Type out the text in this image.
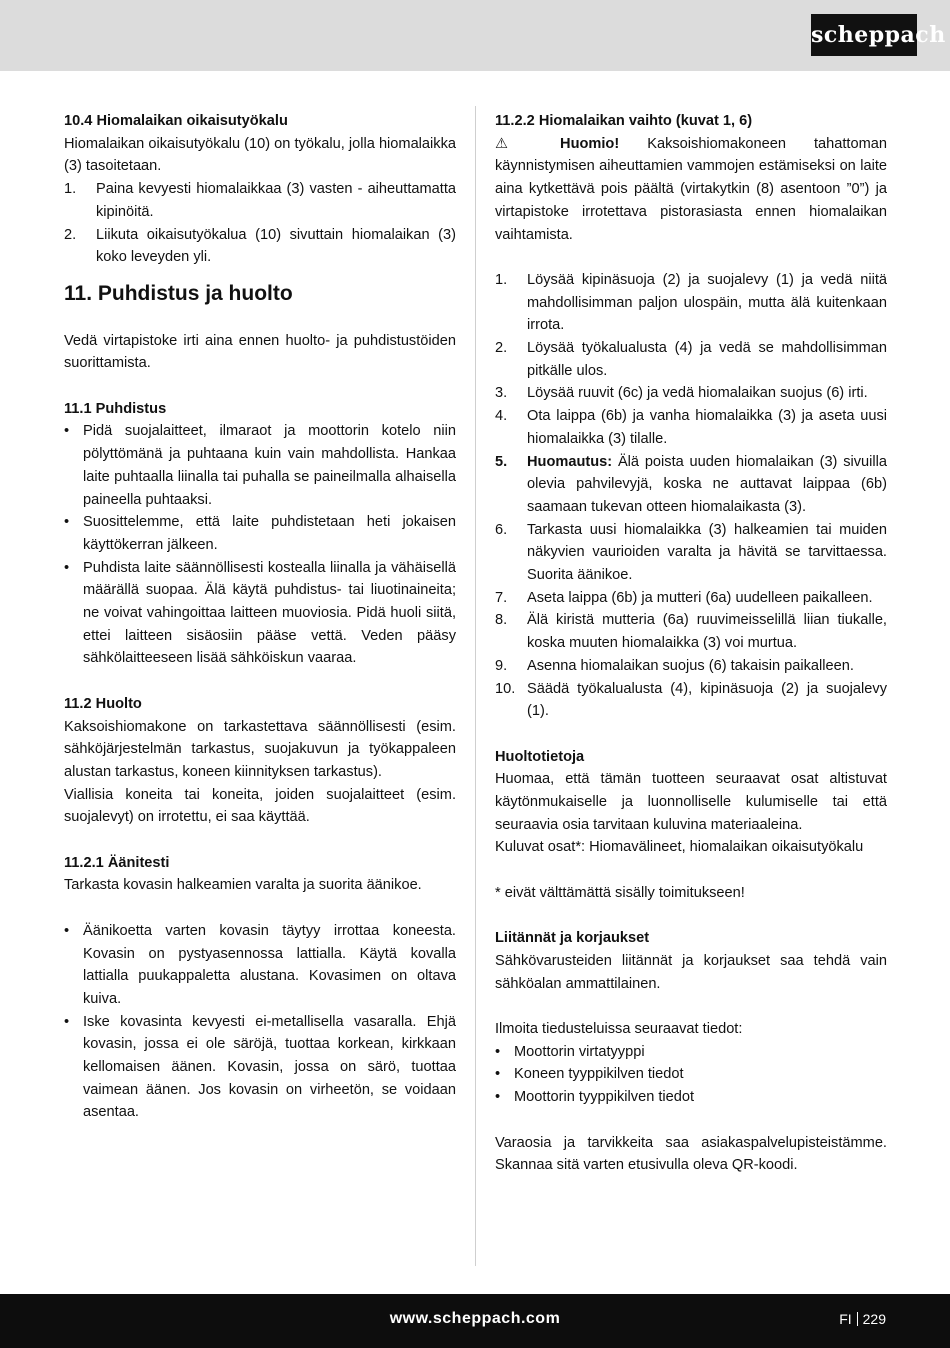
scheppach
10.4 Hiomalaikan oikaisutyökalu

Hiomalaikan oikaisutyökalu (10) on työkalu, jolla hiomalaikka (3) tasoitetaan.

1. Paina kevyesti hiomalaikkaa (3) vasten - aiheuttamatta kipinöitä.
2. Liikuta oikaisutyökalua (10) sivuttain hiomalaikan (3) koko leveyden yli.
11. Puhdistus ja huolto

Vedä virtapistoke irti aina ennen huolto- ja puhdistustöiden suorittamista.

11.1 Puhdistus
• Pidä suojalaitteet, ilmaraot ja moottorin kotelo niin pölyttömänä ja puhtaana kuin vain mahdollista. Hankaa laite puhtaalla liinalla tai puhalla se paineilmalla alhaisella paineella puhtaaksi.
• Suosittelemme, että laite puhdistetaan heti jokaisen käyttökerran jälkeen.
• Puhdista laite säännöllisesti kostealla liinalla ja vähäisellä määrällä suopaa. Älä käytä puhdistus- tai liuotinaineita; ne voivat vahingoittaa laitteen muoviosia. Pidä huoli siitä, ettei laitteen sisäosiin pääse vettä. Veden pääsy sähkölaitteeseen lisää sähköiskun vaaraa.
11.2 Huolto

Kaksoishiomakone on tarkastettava säännöllisesti (esim. sähköjärjestelmän tarkastus, suojakuvun ja työkappaleen alustan tarkastus, koneen kiinnityksen tarkastus).

Viallisia koneita tai koneita, joiden suojalaitteet (esim. suojalevyt) on irrotettu, ei saa käyttää.

11.2.1 Äänitesti

Tarkasta kovasin halkeamien varalta ja suorita äänikoe.

• Äänikoetta varten kovasin täytyy irrottaa koneesta. Kovasin on pystyasennossa lattialla. Käytä kovalla lattialla puukappaletta alustana. Kovasimen on oltava kuiva.
• Iske kovasinta kevyesti ei-metallisella vasaralla. Ehjä kovasin, jossa ei ole säröjä, tuottaa korkean, kirkkaan kellomaisen äänen. Kovasin, jossa on särö, tuottaa vaimean äänen. Jos kovasin on virheetön, se voidaan asentaa.
11.2.2 Hiomalaikan vaihto (kuvat 1, 6)

⚠ Huomio! Kaksoishiomakoneen tahattoman käynnistymisen aiheuttamien vammojen estämiseksi on laite aina kytkettävä pois päältä (virtakytkin (8) asentoon ”0”) ja virtapistoke irrotettava pistorasiasta ennen hiomalaikan vaihtamista.

1. Löysää kipinäsuoja (2) ja suojalevy (1) ja vedä niitä mahdollisimman paljon ulospäin, mutta älä kuitenkaan irrota.
2. Löysää työkalualusta (4) ja vedä se mahdollisimman pitkälle ulos.
3. Löysää ruuvit (6c) ja vedä hiomalaikan suojus (6) irti.
4. Ota laippa (6b) ja vanha hiomalaikka (3) ja aseta uusi hiomalaikka (3) tilalle.
5. Huomautus: Älä poista uuden hiomalaikan (3) sivuilla olevia pahvilevyjä, koska ne auttavat laippaa (6b) saamaan tukevan otteen hiomalaikasta (3).
6. Tarkasta uusi hiomalaikka (3) halkeamien tai muiden näkyvien vaurioiden varalta ja hävitä se tarvittaessa. Suorita äänikoe.
7. Aseta laippa (6b) ja mutteri (6a) uudelleen paikalleen.
8. Älä kiristä mutteria (6a) ruuvimeisselillä liian tiukalle, koska muuten hiomalaikka (3) voi murtua.
9. Asenna hiomalaikan suojus (6) takaisin paikalleen.
10. Säädä työkalualusta (4), kipinäsuoja (2) ja suojalevy (1).
Huoltotietoja

Huomaa, että tämän tuotteen seuraavat osat altistuvat käytönmukaiselle ja luonnolliselle kulumiselle tai että seuraavia osia tarvitaan kuluvina materiaaleina.

Kuluvat osat*: Hiomavälineet, hiomalaikan oikaisutyökalu

* eivät välttämättä sisälly toimitukseen!

Liitännät ja korjaukset

Sähkövarusteiden liitännät ja korjaukset saa tehdä vain sähköalan ammattilainen.

Ilmoita tiedusteluissa seuraavat tiedot:

• Moottorin virtatyyppi
• Koneen tyyppikilven tiedot
• Moottorin tyyppikilven tiedot

Varaosia ja tarvikkeita saa asiakaspalvelupisteistämme. Skannaa sitä varten etusivulla oleva QR-koodi.

www.scheppach.com	FI 229
